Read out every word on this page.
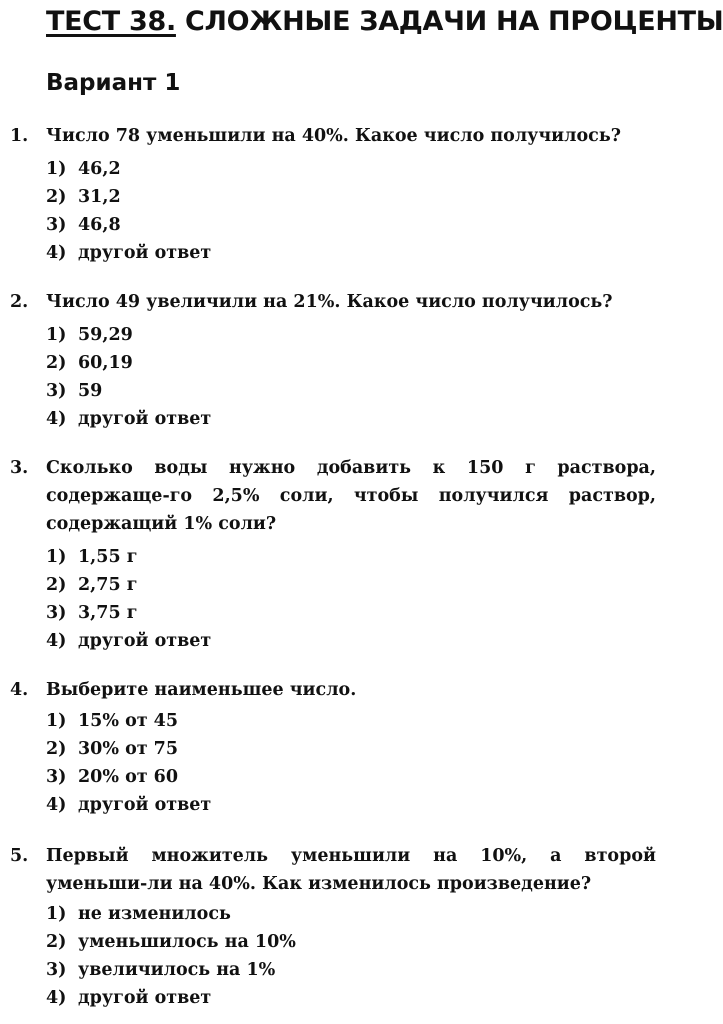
ТЕСТ 38. СЛОЖНЫЕ ЗАДАЧИ НА ПРОЦЕНТЫ
Вариант 1
1. Число 78 уменьшили на 40%. Какое число получилось?
1) 46,2
2) 31,2
3) 46,8
4) другой ответ
2. Число 49 увеличили на 21%. Какое число получилось?
1) 59,29
2) 60,19
3) 59
4) другой ответ
3. Сколько воды нужно добавить к 150 г раствора, содержаще-го 2,5% соли, чтобы получился раствор, содержащий 1% соли?
1) 1,55 г
2) 2,75 г
3) 3,75 г
4) другой ответ
4. Выберите наименьшее число.
1) 15% от 45
2) 30% от 75
3) 20% от 60
4) другой ответ
5. Первый множитель уменьшили на 10%, а второй уменьши-ли на 40%. Как изменилось произведение?
1) не изменилось
2) уменьшилось на 10%
3) увеличилось на 1%
4) другой ответ
